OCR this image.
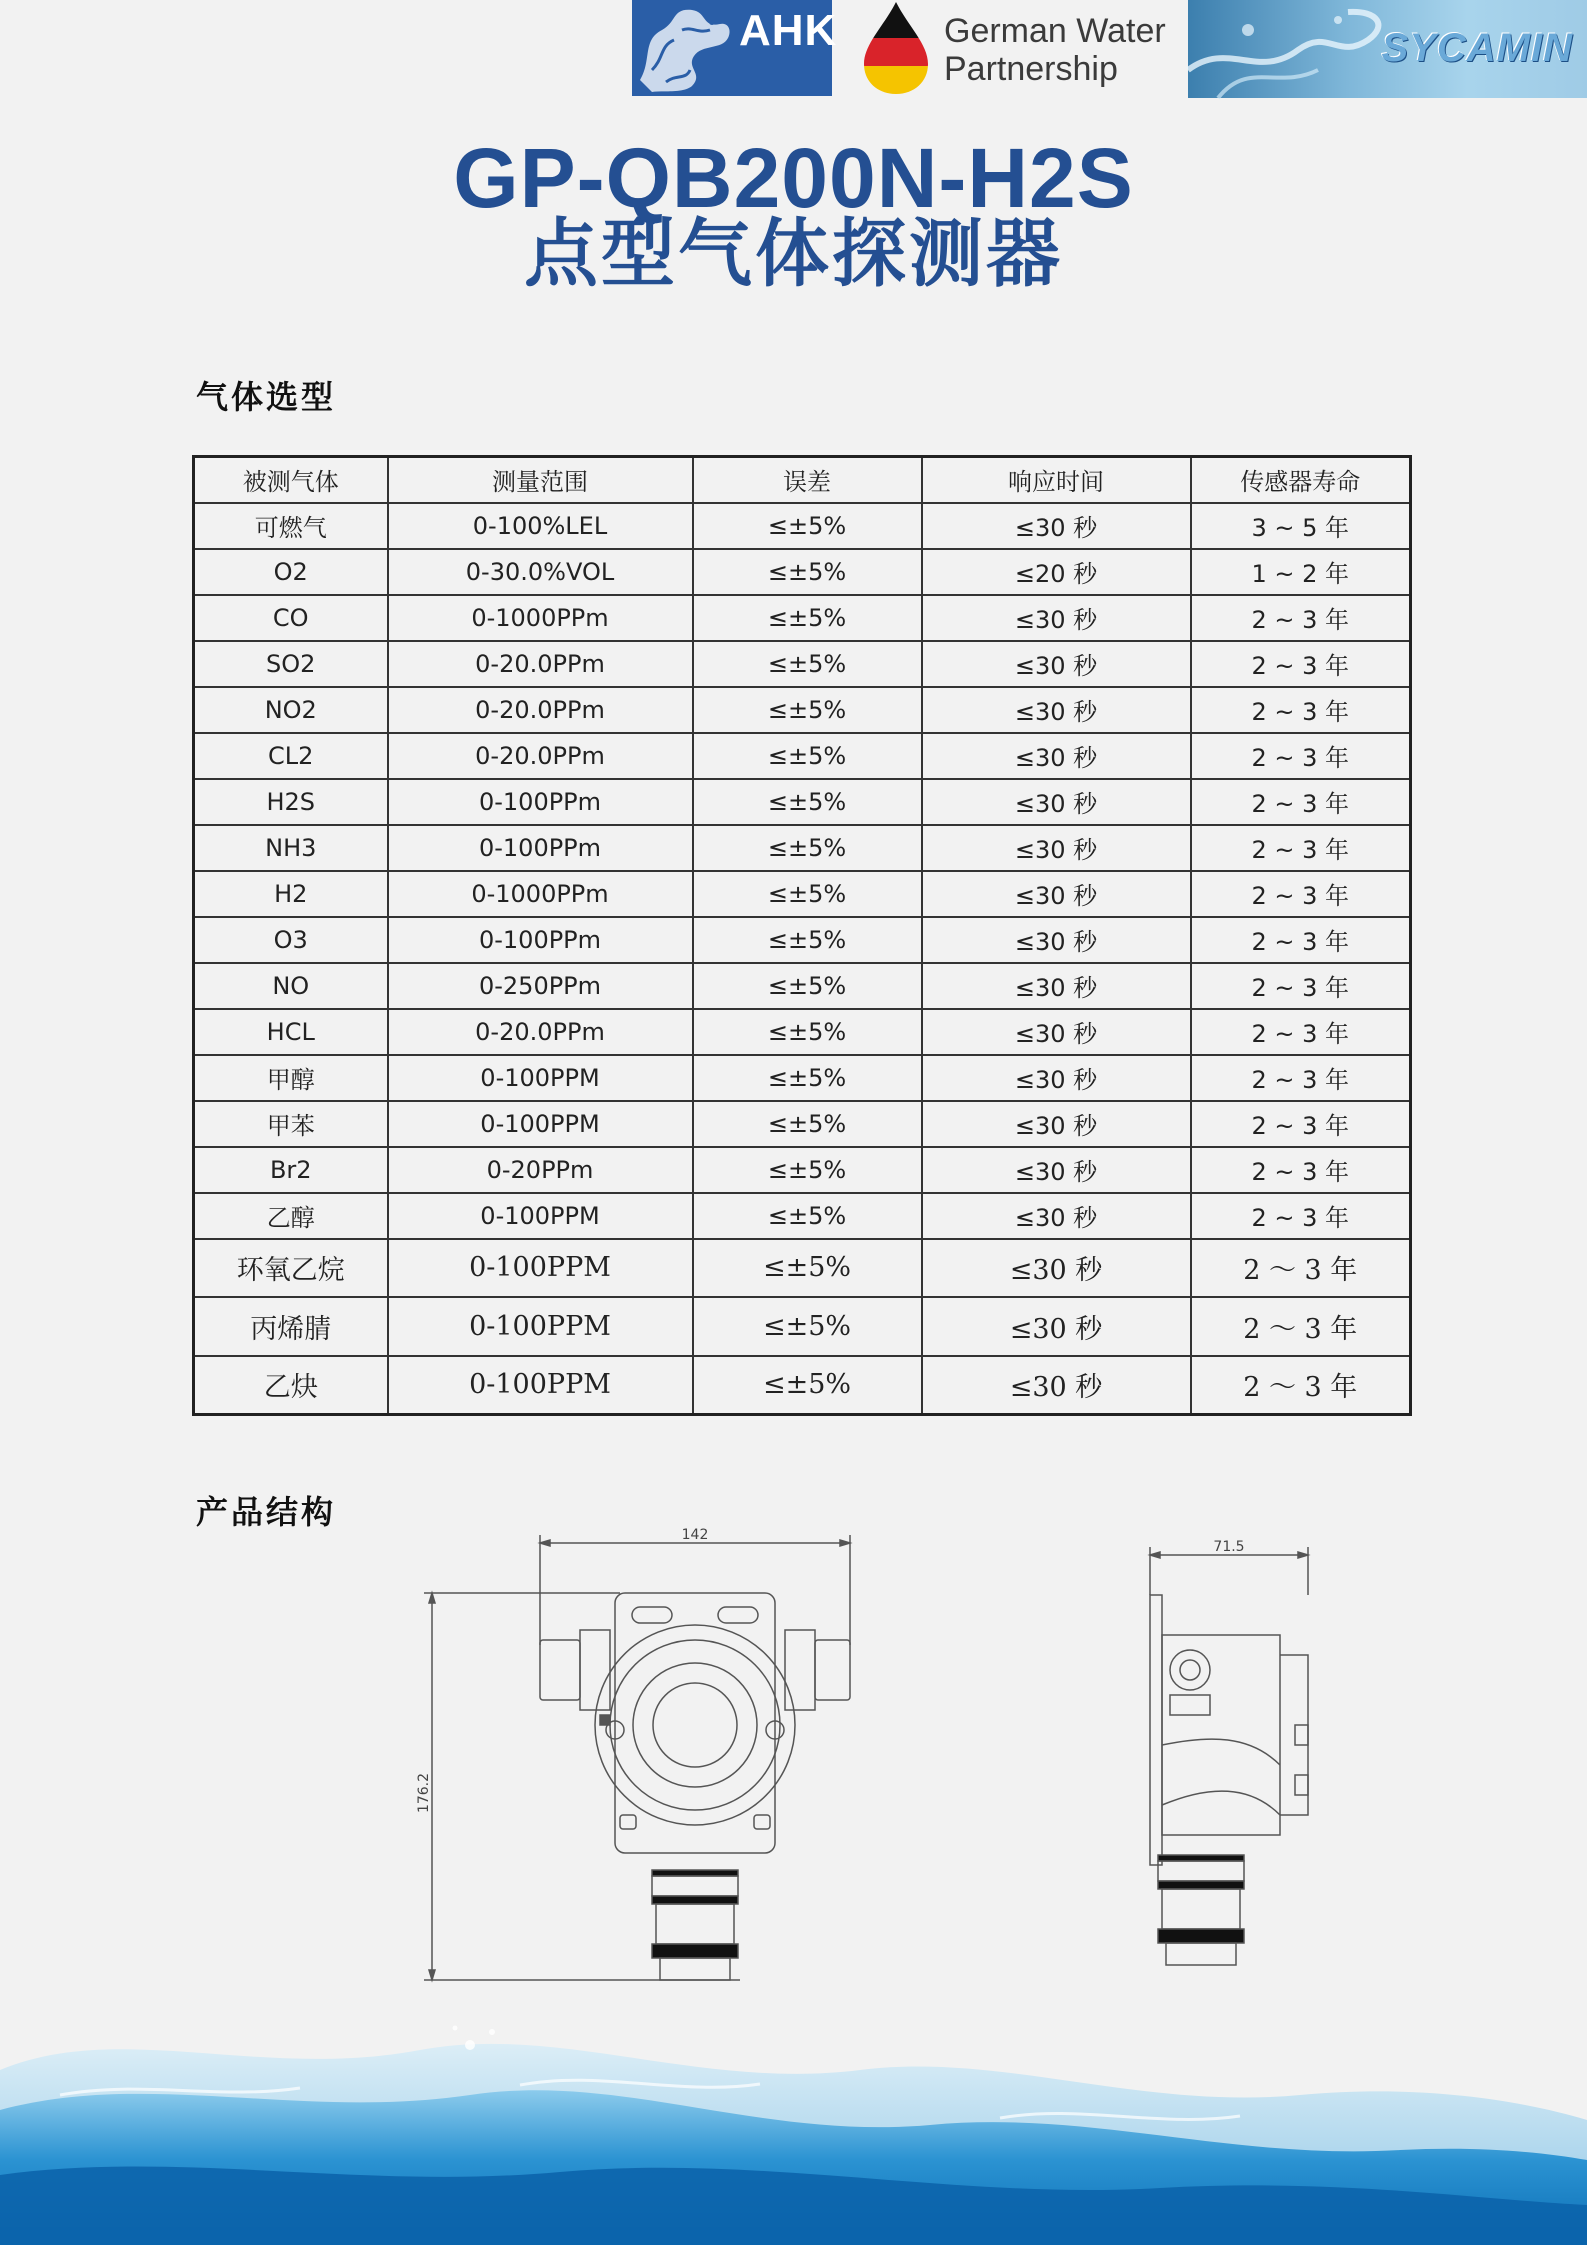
AHK	German Water
Partnership	SYCAMIN
GP-QB200N-H2S
点型气体探测器
气体选型
被测气体	测量范围	误差	响应时间	传感器寿命
可燃气	0-100%LEL	≤±5%	≤30 秒	3 ~ 5 年
O2	0-30.0%VOL	≤±5%	≤20 秒	1 ~ 2 年
CO	0-1000PPm	≤±5%	≤30 秒	2 ~ 3 年
SO2	0-20.0PPm	≤±5%	≤30 秒	2 ~ 3 年
NO2	0-20.0PPm	≤±5%	≤30 秒	2 ~ 3 年
CL2	0-20.0PPm	≤±5%	≤30 秒	2 ~ 3 年
H2S	0-100PPm	≤±5%	≤30 秒	2 ~ 3 年
NH3	0-100PPm	≤±5%	≤30 秒	2 ~ 3 年
H2	0-1000PPm	≤±5%	≤30 秒	2 ~ 3 年
O3	0-100PPm	≤±5%	≤30 秒	2 ~ 3 年
NO	0-250PPm	≤±5%	≤30 秒	2 ~ 3 年
HCL	0-20.0PPm	≤±5%	≤30 秒	2 ~ 3 年
甲醇	0-100PPM	≤±5%	≤30 秒	2 ~ 3 年
甲苯	0-100PPM	≤±5%	≤30 秒	2 ~ 3 年
Br2	0-20PPm	≤±5%	≤30 秒	2 ~ 3 年
乙醇	0-100PPM	≤±5%	≤30 秒	2 ~ 3 年
环氧乙烷	0-100PPM	≤±5%	≤30 秒	2 ～ 3 年
丙烯腈	0-100PPM	≤±5%	≤30 秒	2 ～ 3 年
乙炔	0-100PPM	≤±5%	≤30 秒	2 ～ 3 年
产品结构
142
176.2
71.5
